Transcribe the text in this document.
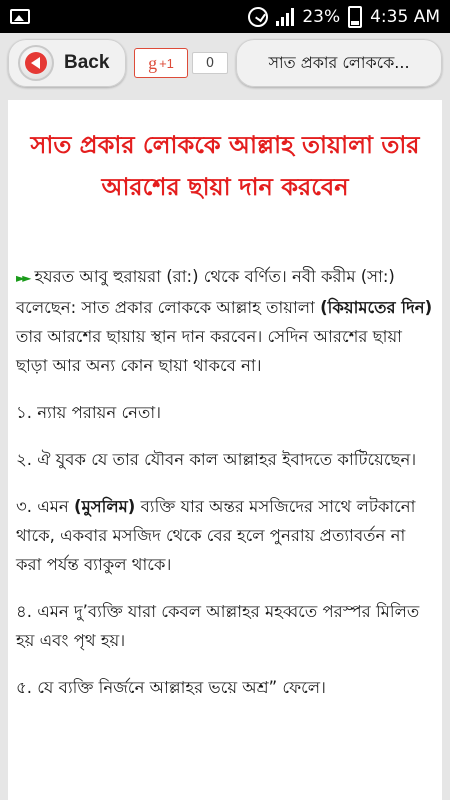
23% 4:35 AM
Back g +1	0	সাত প্রকার লোককে...
সাত প্রকার লোককে আল্লাহ তায়ালা তার আরশের ছায়া দান করবেন

►► হযরত আবু হুরায়রা (রা:) থেকে বর্ণিত। নবী করীম (সা:) বলেছেন: সাত প্রকার লোককে আল্লাহ তায়ালা (কিয়ামতের দিন) তার আরশের ছায়ায় স্থান দান করবেন। সেদিন আরশের ছায়া ছাড়া আর অন্য কোন ছায়া থাকবে না।

১. ন্যায় পরায়ন নেতা।

২. ঐ যুবক যে তার যৌবন কাল আল্লাহর ইবাদতে কাটিয়েছেন।

৩. এমন (মুসলিম) ব্যক্তি যার অন্তর মসজিদের সাথে লটকানো থাকে, একবার মসজিদ থেকে বের হলে পুনরায় প্রত্যাবর্তন না করা পর্যন্ত ব্যাকুল থাকে।

৪. এমন দু’ব্যক্তি যারা কেবল আল্লাহর মহব্বতে পরস্পর মিলিত হয় এবং পৃথ হয়।

৫. যে ব্যক্তি নির্জনে আল্লাহর ভয়ে অশ্র” ফেলে।
